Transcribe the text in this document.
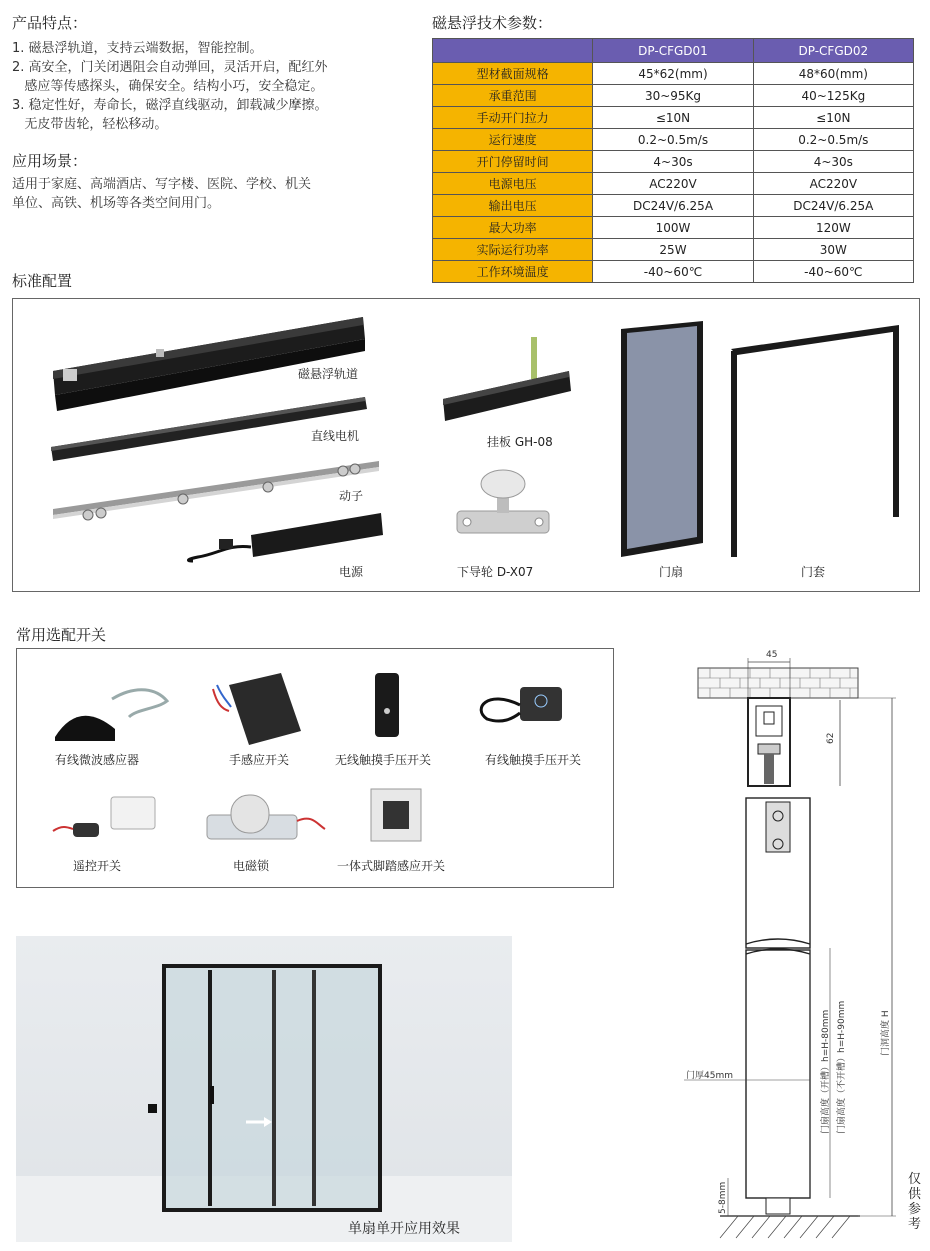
产品特点：
1. 磁悬浮轨道，支持云端数据，智能控制。
2. 高安全，门关闭遇阻会自动弹回，灵活开启，配红外
感应等传感探头，确保安全。结构小巧，安全稳定。
3. 稳定性好，寿命长，磁浮直线驱动，卸载减少摩擦。
无皮带齿轮，轻松移动。
应用场景：
适用于家庭、高端酒店、写字楼、医院、学校、机关
单位、高铁、机场等各类空间用门。
磁悬浮技术参数：
	DP-CFGD01	DP-CFGD02
型材截面规格	45*62(mm)	48*60(mm)
承重范围	30~95Kg	40~125Kg
手动开门拉力	≤10N	≤10N
运行速度	0.2~0.5m/s	0.2~0.5m/s
开门停留时间	4~30s	4~30s
电源电压	AC220V	AC220V
输出电压	DC24V/6.25A	DC24V/6.25A
最大功率	100W	120W
实际运行功率	25W	30W
工作环境温度	-40~60℃	-40~60℃
标准配置
磁悬浮轨道
直线电机
动子
电源
挂板 GH-08
下导轮 D-X07	门扇	门套
常用选配开关
有线微波感应器	手感应开关	无线触摸手压开关	有线触摸手压开关
遥控开关	电磁锁	一体式脚踏感应开关
单扇单开应用效果
45
62
门厚45mm	门扇高度（开槽）h=H-80mm 门扇高度（不开槽）h=H-90mm	门洞高度 H
5-8mm
仅供参考
